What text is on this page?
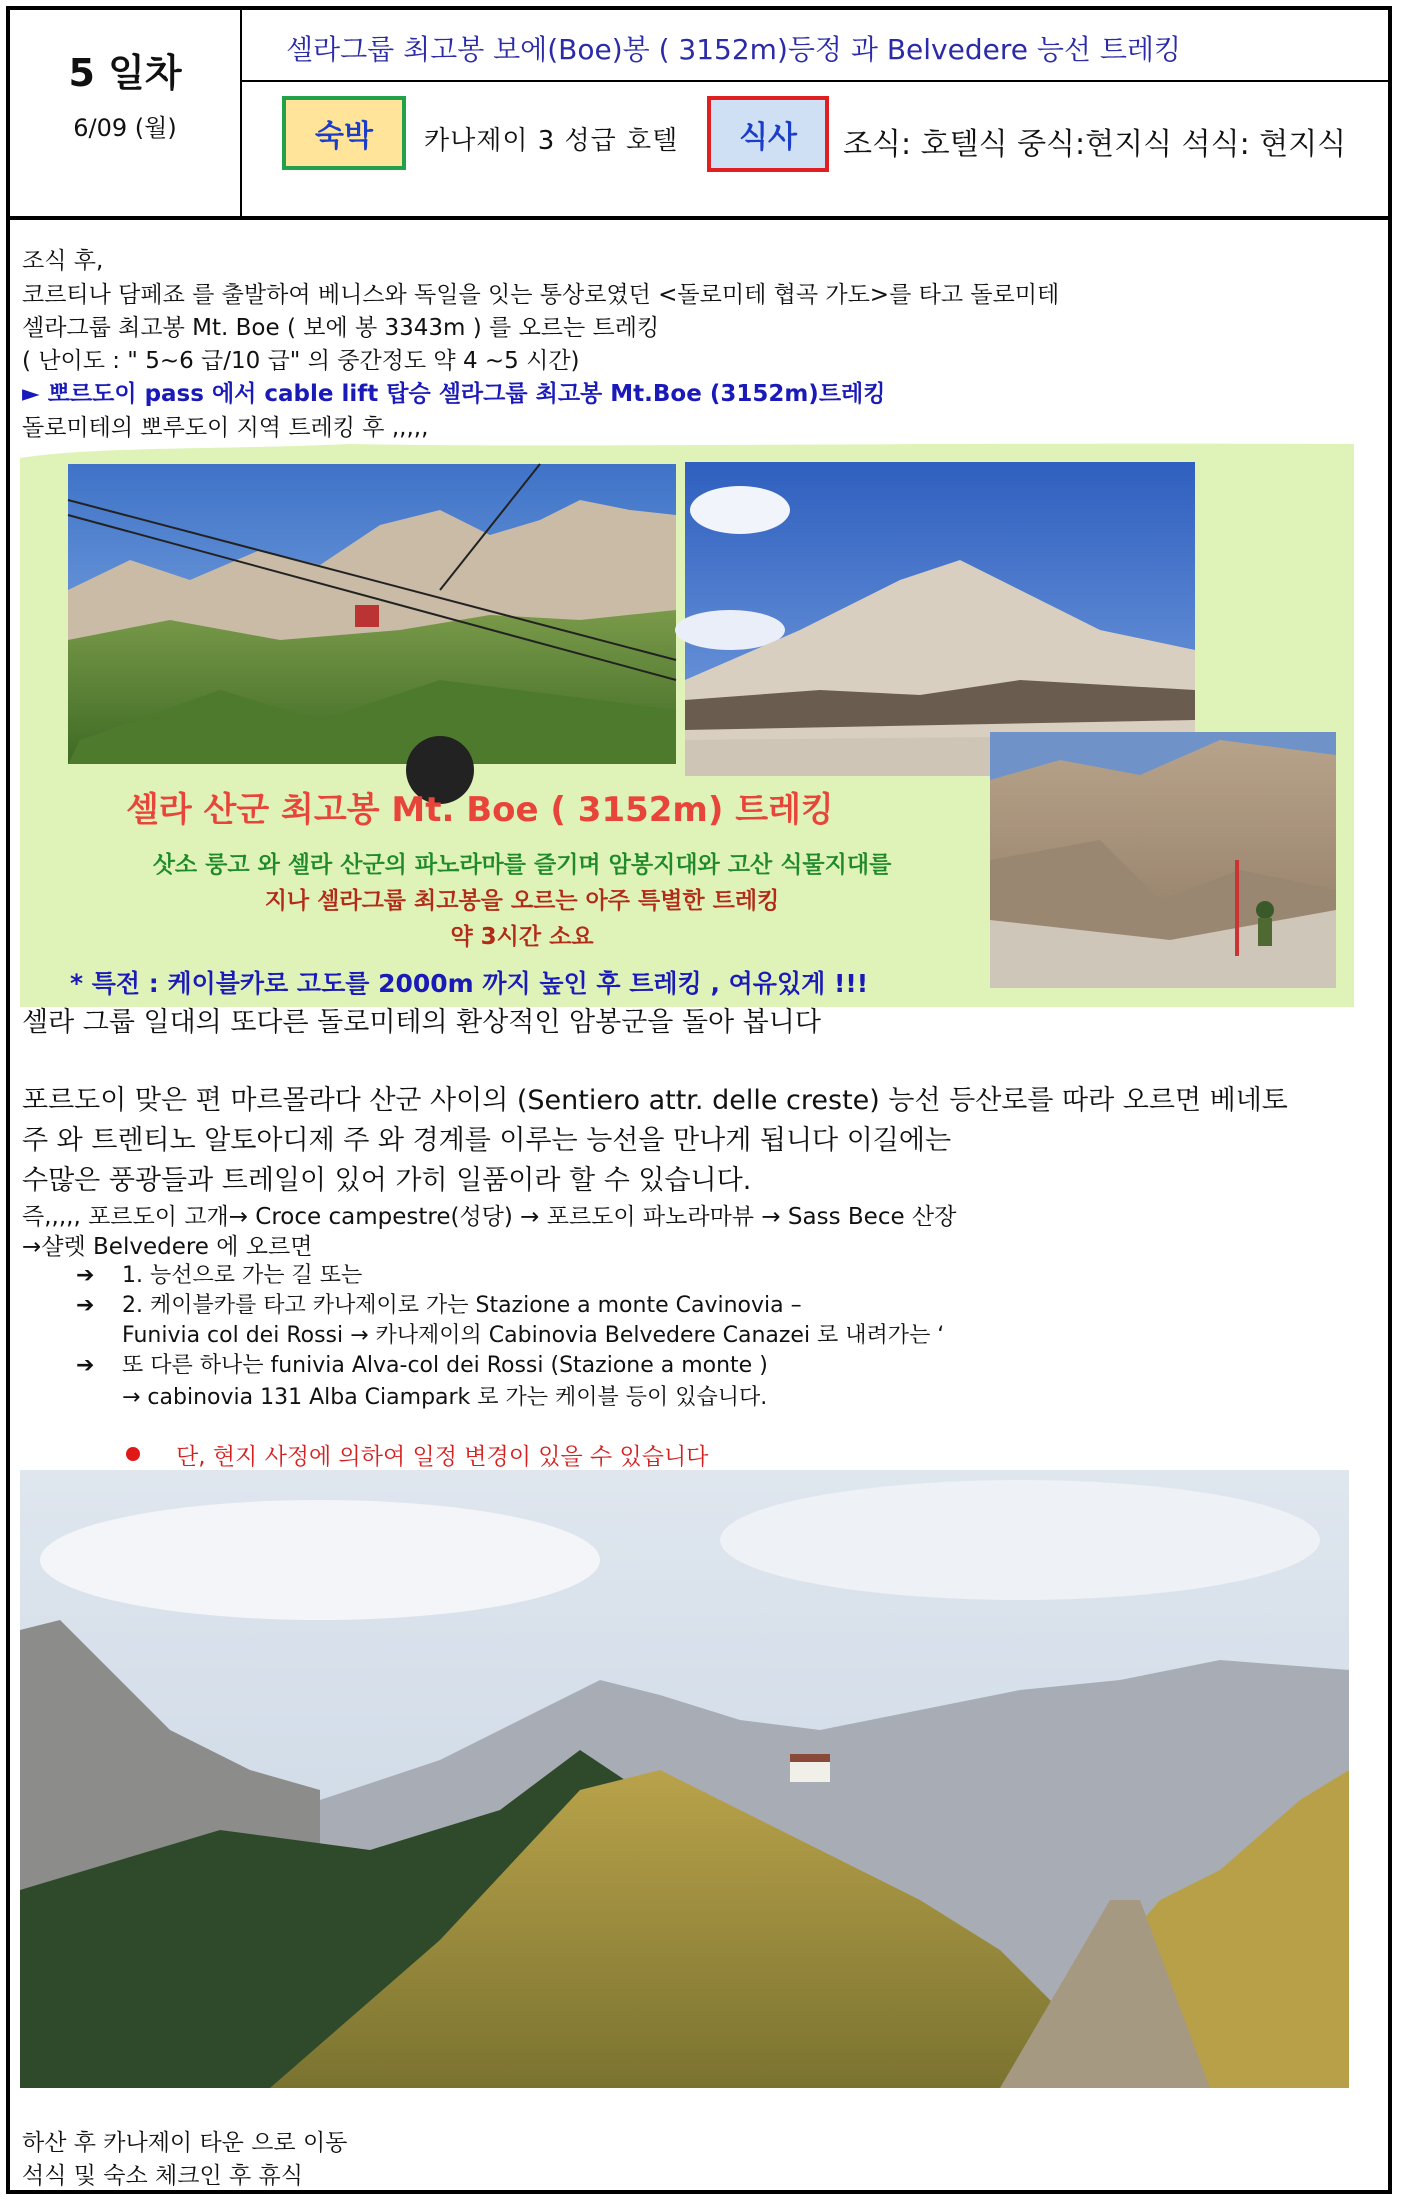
5 일차
6/09 (월)
셀라그룹 최고봉 보에(Boe)봉 ( 3152m)등정 과 Belvedere 능선 트레킹
숙박	카나제이 3 성급 호텔	식사	조식: 호텔식 중식:현지식 석식: 현지식
조식 후,
코르티나 담페죠 를 출발하여 베니스와 독일을 잇는 통상로였던 <돌로미테 협곡 가도>를 타고 돌로미테
셀라그룹 최고봉 Mt. Boe ( 보에 봉 3343m ) 를 오르는 트레킹
( 난이도 : " 5~6 급/10 급" 의 중간정도 약 4 ~5 시간)
► 뽀르도이 pass 에서 cable lift 탑승 셀라그룹 최고봉 Mt.Boe (3152m)트레킹
돌로미테의 뽀루도이 지역 트레킹 후 ,,,,,
셀라 산군 최고봉 Mt. Boe ( 3152m) 트레킹
삿소 룽고 와 셀라 산군의 파노라마를 즐기며 암봉지대와 고산 식물지대를
지나 셀라그룹 최고봉을 오르는 아주 특별한 트레킹
약 3시간 소요
* 특전 : 케이블카로 고도를 2000m 까지 높인 후 트레킹 , 여유있게 !!!
셀라 그룹 일대의 또다른 돌로미테의 환상적인 암봉군을 돌아 봅니다
포르도이 맞은 편 마르몰라다 산군 사이의 (Sentiero attr. delle creste) 능선 등산로를 따라 오르면 베네토
주 와 트렌티노 알토아디제 주 와 경계를 이루는 능선을 만나게 됩니다 이길에는
수많은 풍광들과 트레일이 있어 가히 일품이라 할 수 있습니다.
즉,,,,, 포르도이 고개→ Croce campestre(성당) → 포르도이 파노라마뷰 → Sass Bece 산장
→샬렛 Belvedere 에 오르면
➔ 1. 능선으로 가는 길 또는
➔ 2. 케이블카를 타고 카나제이로 가는 Stazione a monte Cavinovia –
Funivia col dei Rossi → 카나제이의 Cabinovia Belvedere Canazei 로 내려가는 ‘
➔ 또 다른 하나는 funivia Alva-col dei Rossi (Stazione a monte )
→ cabinovia 131 Alba Ciampark 로 가는 케이블 등이 있습니다.
단, 현지 사정에 의하여 일정 변경이 있을 수 있습니다
하산 후 카나제이 타운 으로 이동
석식 및 숙소 체크인 후 휴식
